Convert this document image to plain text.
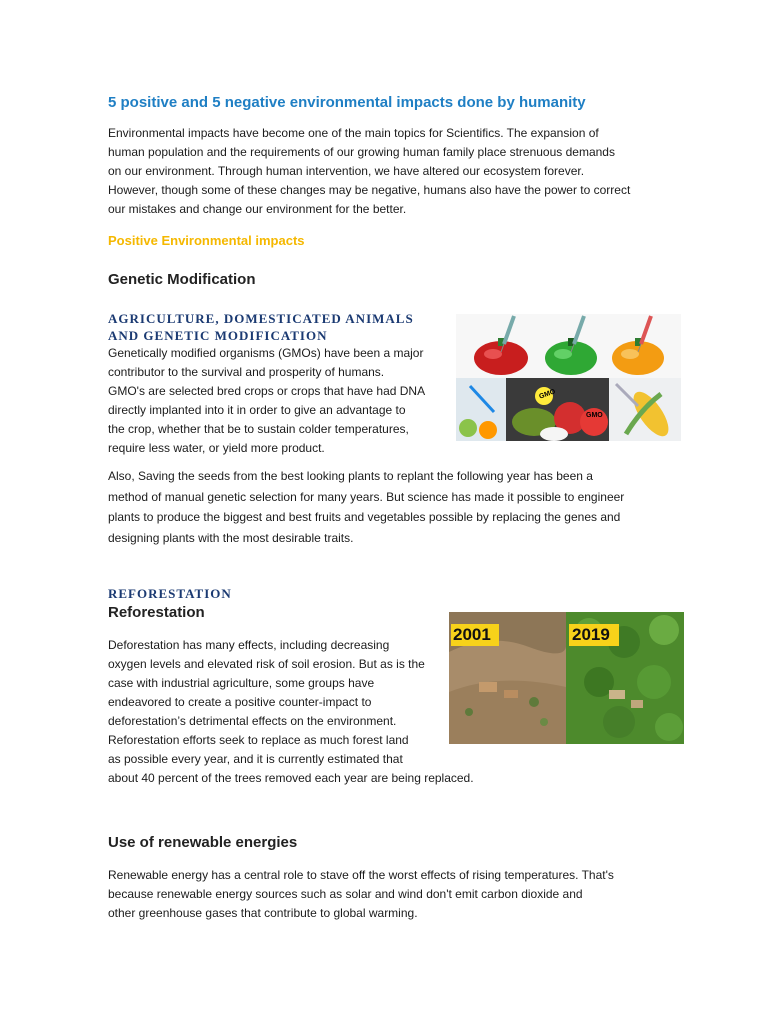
5 positive and 5 negative environmental impacts done by humanity
Environmental impacts have become one of the main topics for Scientifics. The expansion of
human population and the requirements of our growing human family place strenuous demands
on our environment. Through human intervention, we have altered our ecosystem forever.
However, though some of these changes may be negative, humans also have the power to correct
our mistakes and change our environment for the better.
Positive Environmental impacts
Genetic Modification
AGRICULTURE, DOMESTICATED ANIMALS
AND GENETIC MODIFICATION
Genetically modified organisms (GMOs) have been a major
contributor to the survival and prosperity of humans.
GMO's are selected bred crops or crops that have had DNA
directly implanted into it in order to give an advantage to
the crop, whether that be to sustain colder temperatures,
require less water, or yield more product.
GMO
GMO
Also, Saving the seeds from the best looking plants to replant the following year has been a
method of manual genetic selection for many years. But science has made it possible to engineer
plants to produce the biggest and best fruits and vegetables possible by replacing the genes and
designing plants with the most desirable traits.
REFORESTATION
Reforestation
Deforestation has many effects, including decreasing
oxygen levels and elevated risk of soil erosion. But as is the
case with industrial agriculture, some groups have
endeavored to create a positive counter-impact to
deforestation’s detrimental effects on the environment.
Reforestation efforts seek to replace as much forest land
as possible every year, and it is currently estimated that
about 40 percent of the trees removed each year are being replaced.
2001	2019
Use of renewable energies
Renewable energy has a central role to stave off the worst effects of rising temperatures. That's
because renewable energy sources such as solar and wind don't emit carbon dioxide and
other greenhouse gases that contribute to global warming.
